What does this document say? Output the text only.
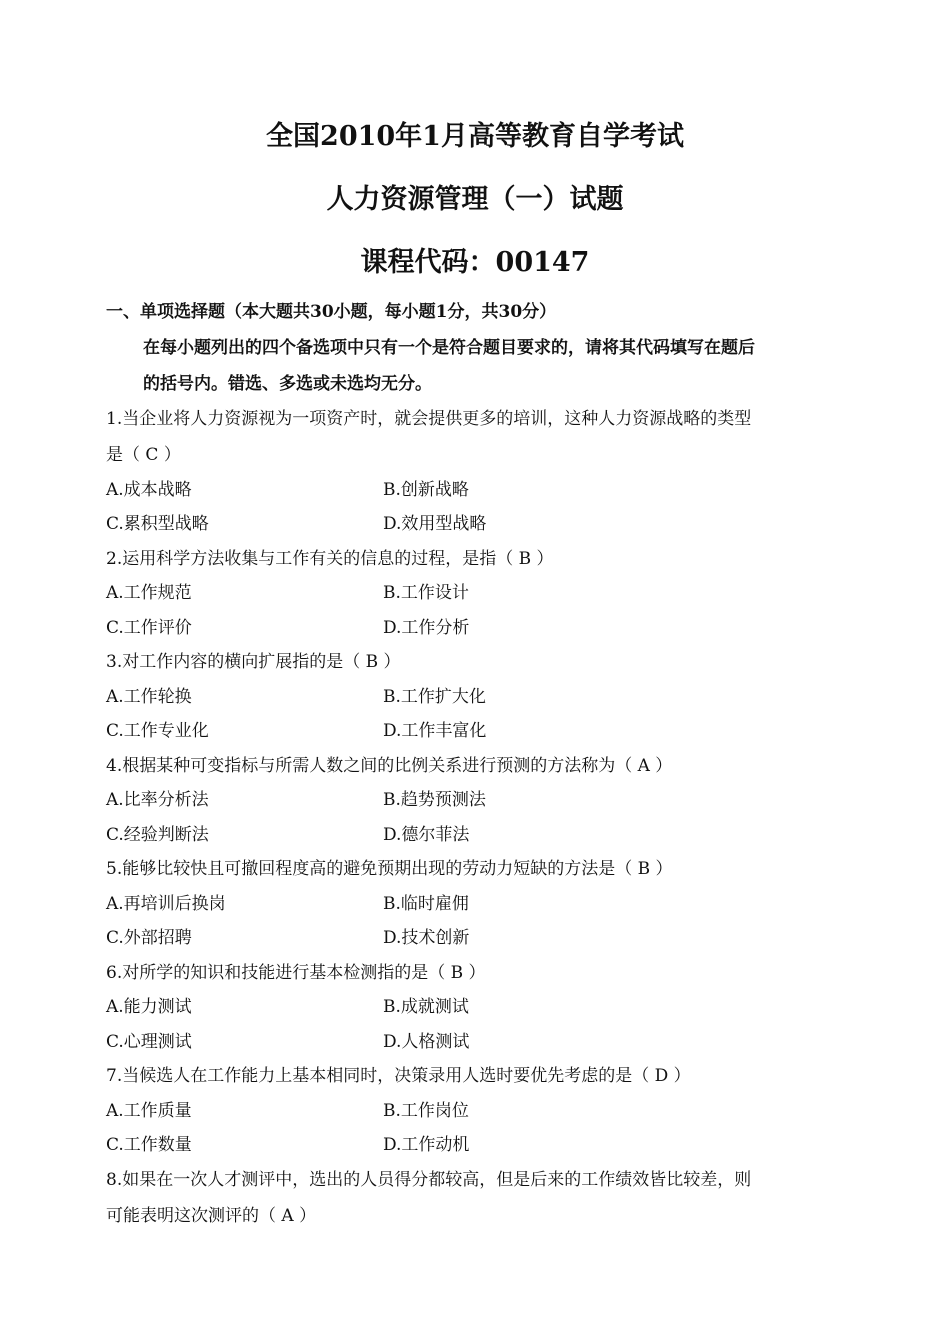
全国2010年1月高等教育自学考试
人力资源管理（一）试题
课程代码：00147
一、单项选择题（本大题共30小题，每小题1分，共30分）
在每小题列出的四个备选项中只有一个是符合题目要求的，请将其代码填写在题后
的括号内。错选、多选或未选均无分。
1.当企业将人力资源视为一项资产时，就会提供更多的培训，这种人力资源战略的类型
是（ C ）
A.成本战略	B.创新战略
C.累积型战略	D.效用型战略
2.运用科学方法收集与工作有关的信息的过程，是指（ B ）
A.工作规范	B.工作设计
C.工作评价	D.工作分析
3.对工作内容的横向扩展指的是（ B ）
A.工作轮换	B.工作扩大化
C.工作专业化	D.工作丰富化
4.根据某种可变指标与所需人数之间的比例关系进行预测的方法称为（ A ）
A.比率分析法	B.趋势预测法
C.经验判断法	D.德尔菲法
5.能够比较快且可撤回程度高的避免预期出现的劳动力短缺的方法是（ B ）
A.再培训后换岗	B.临时雇佣
C.外部招聘	D.技术创新
6.对所学的知识和技能进行基本检测指的是（ B ）
A.能力测试	B.成就测试
C.心理测试	D.人格测试
7.当候选人在工作能力上基本相同时，决策录用人选时要优先考虑的是（ D ）
A.工作质量	B.工作岗位
C.工作数量	D.工作动机
8.如果在一次人才测评中，选出的人员得分都较高，但是后来的工作绩效皆比较差，则
可能表明这次测评的（ A ）
